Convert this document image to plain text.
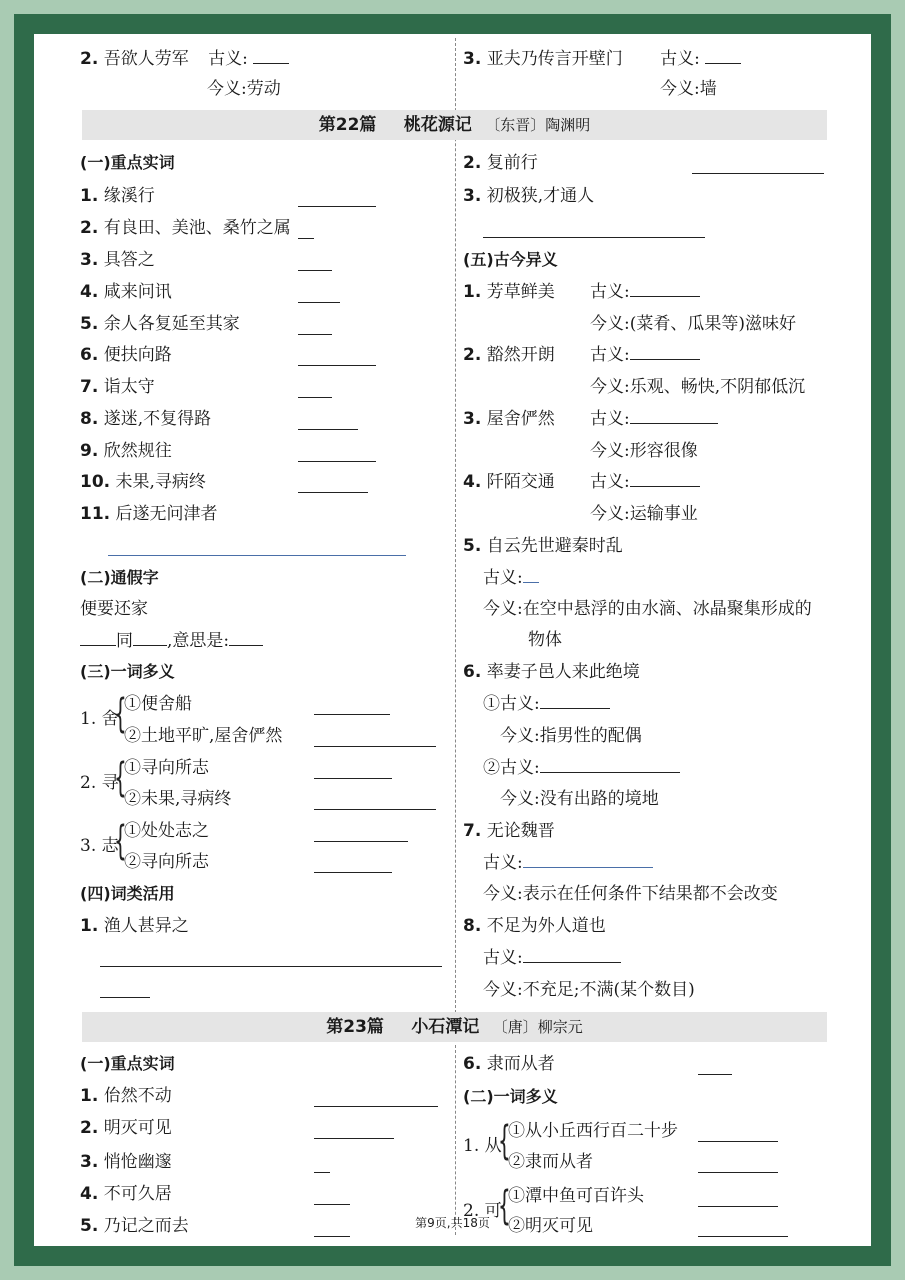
2. 吾欲人劳军 古义:
今义:劳动
3. 亚夫乃传言开壁门 古义:
今义:墙
第22篇 桃花源记 〔东晋〕陶渊明
(一)重点实词
1. 缘溪行
2. 有良田、美池、桑竹之属
3. 具答之
4. 咸来问讯
5. 余人各复延至其家
6. 便扶向路
7. 诣太守
8. 遂迷,不复得路
9. 欣然规往
10. 未果,寻病终
11. 后遂无问津者
(二)通假字
便要还家
同 ,意思是:
(三)一词多义
1. 舍
{
①便舍船
②土地平旷,屋舍俨然
2. 寻
{
①寻向所志
②未果,寻病终
3. 志
{
①处处志之
②寻向所志
(四)词类活用
1. 渔人甚异之
2. 复前行
3. 初极狭,才通人
(五)古今异义
1. 芳草鲜美 古义:
今义:(菜肴、瓜果等)滋味好
2. 豁然开朗 古义:
今义:乐观、畅快,不阴郁低沉
3. 屋舍俨然 古义:
今义:形容很像
4. 阡陌交通 古义:
今义:运输事业
5. 自云先世避秦时乱
古义:
今义:在空中悬浮的由水滴、冰晶聚集形成的
物体
6. 率妻子邑人来此绝境
①古义:
今义:指男性的配偶
②古义:
今义:没有出路的境地
7. 无论魏晋
古义:
今义:表示在任何条件下结果都不会改变
8. 不足为外人道也
古义:
今义:不充足;不满(某个数目)
第23篇 小石潭记 〔唐〕柳宗元
(一)重点实词
1. 佁然不动
2. 明灭可见
3. 悄怆幽邃
4. 不可久居
5. 乃记之而去
6. 隶而从者
(二)一词多义
1. 从
{
①从小丘西行百二十步
②隶而从者
2. 可
{
①潭中鱼可百许头
②明灭可见
第9页,共18页
